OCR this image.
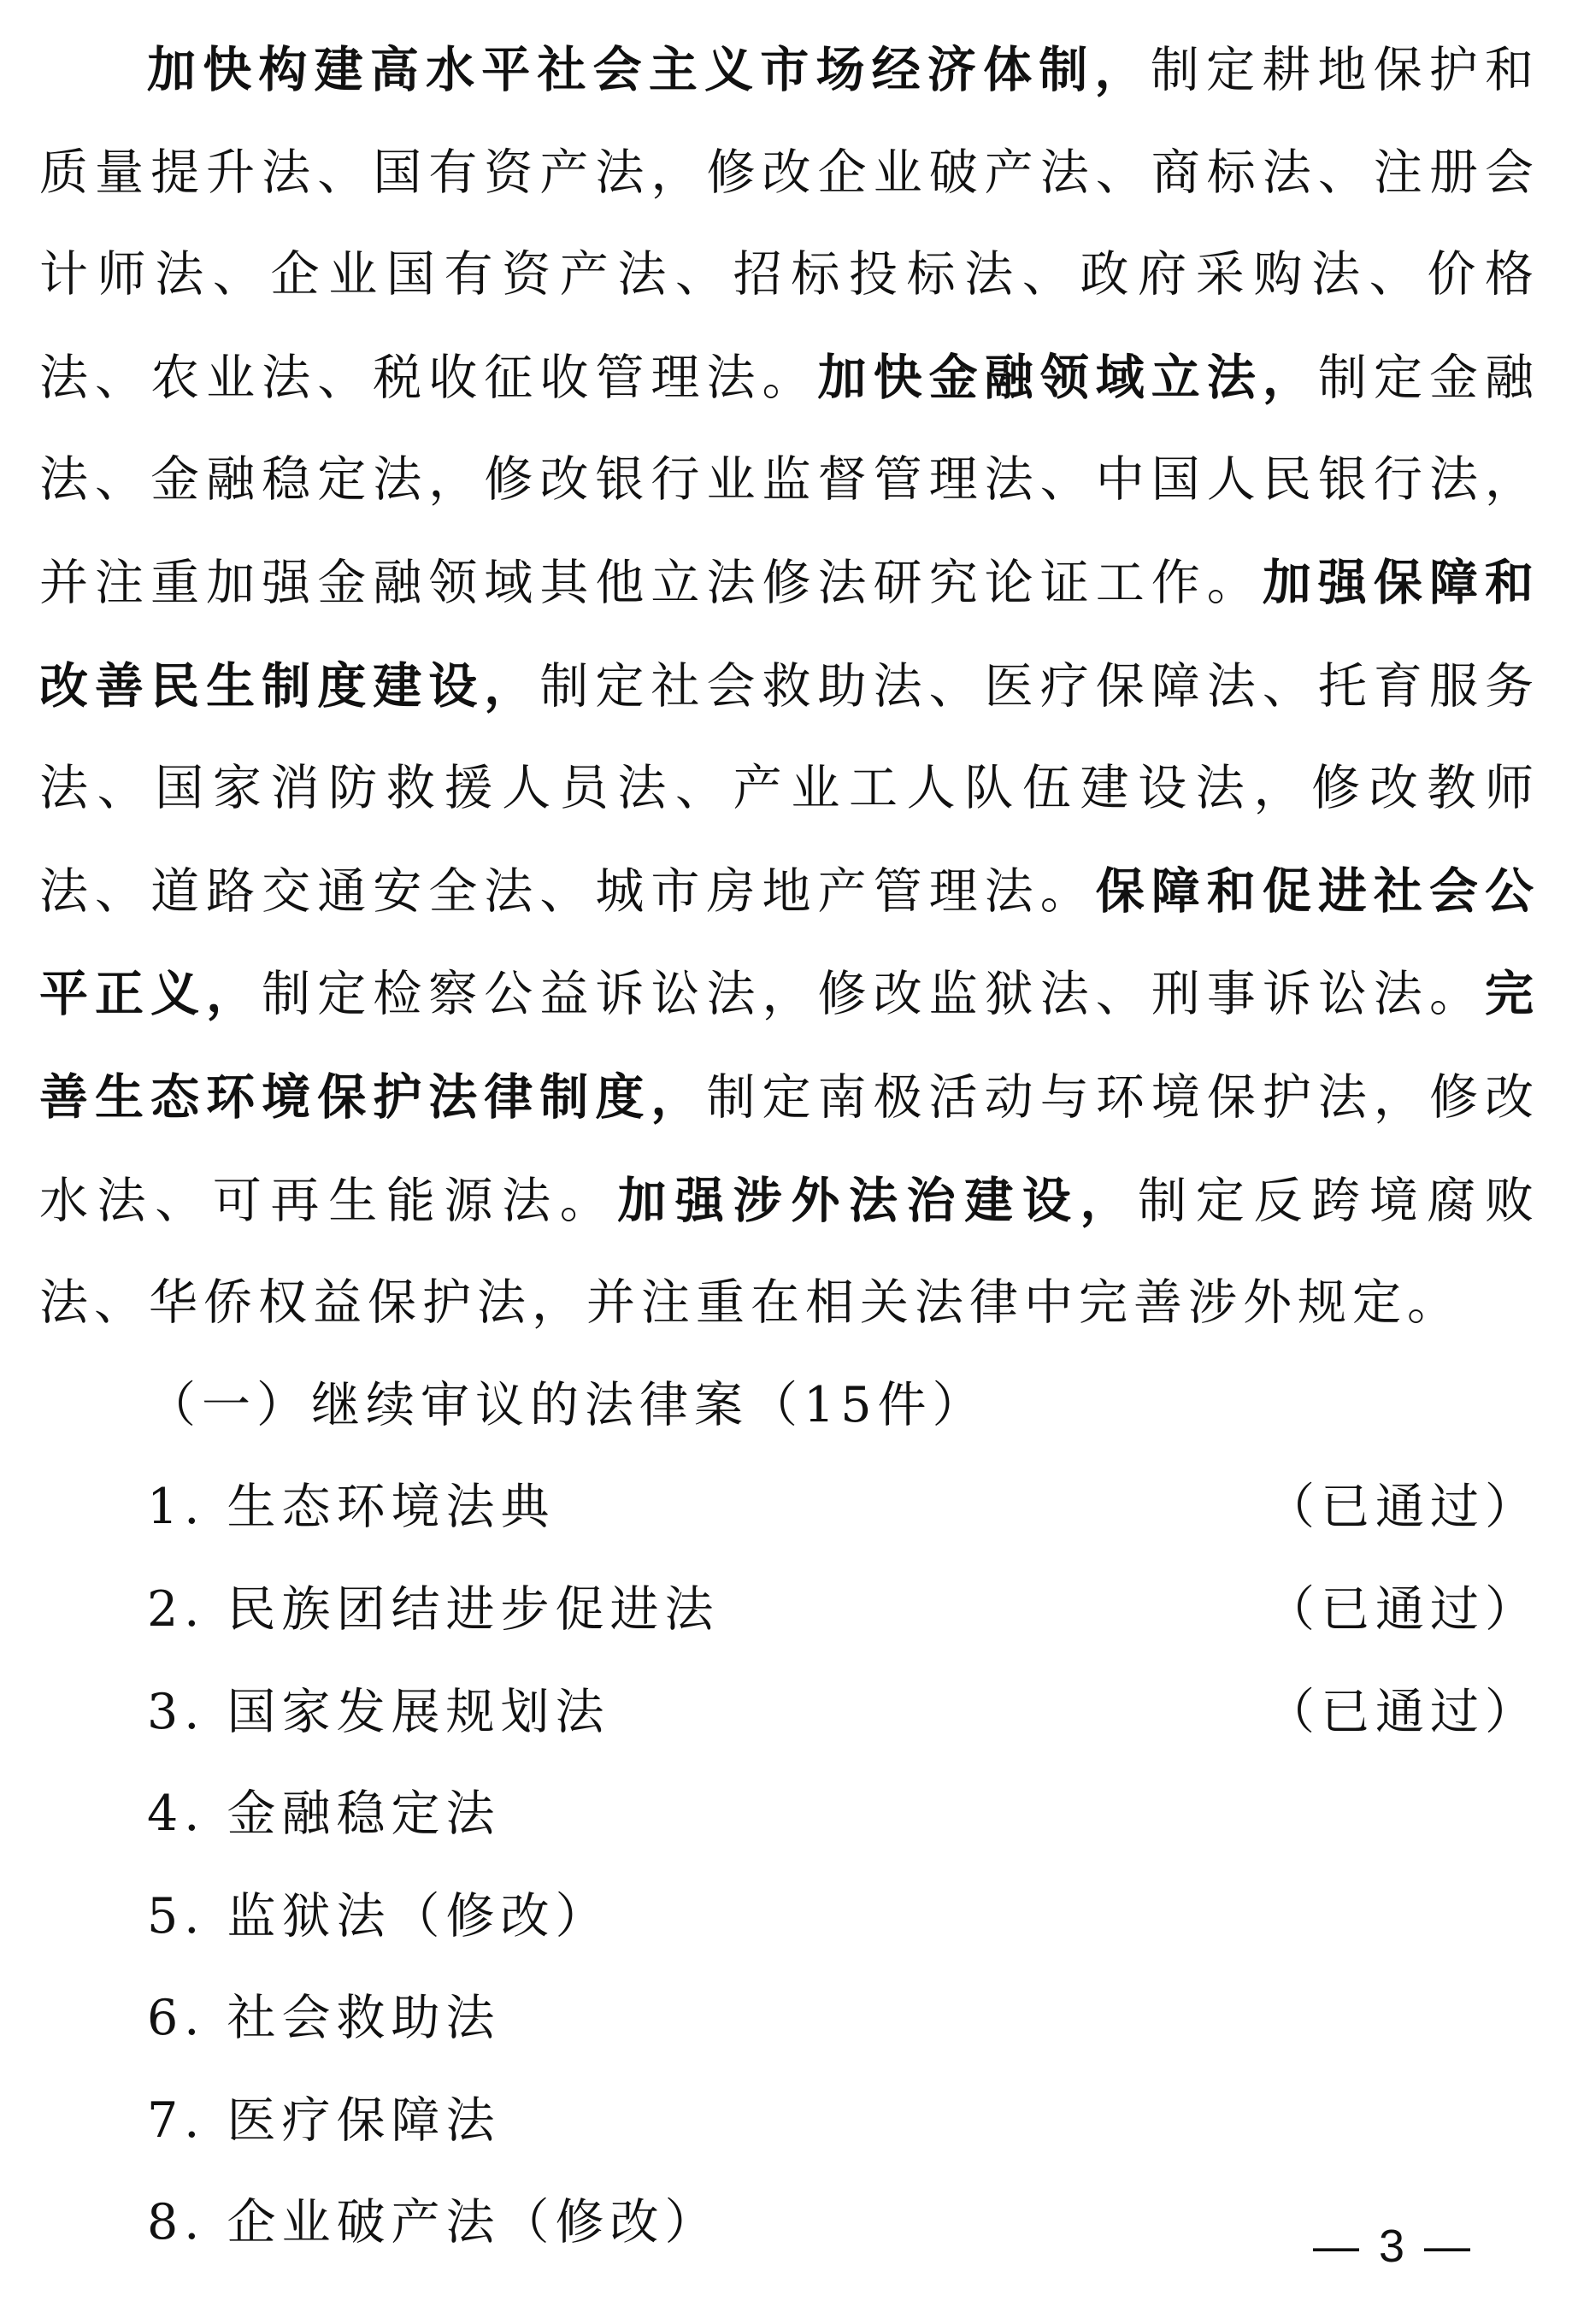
加快构建高水平社会主义市场经济体制，制定耕地保护和质量提升法、国有资产法，修改企业破产法、商标法、注册会计师法、企业国有资产法、招标投标法、政府采购法、价格法、农业法、税收征收管理法。加快金融领域立法，制定金融法、金融稳定法，修改银行业监督管理法、中国人民银行法，并注重加强金融领域其他立法修法研究论证工作。加强保障和改善民生制度建设，制定社会救助法、医疗保障法、托育服务法、国家消防救援人员法、产业工人队伍建设法，修改教师法、道路交通安全法、城市房地产管理法。保障和促进社会公平正义，制定检察公益诉讼法，修改监狱法、刑事诉讼法。完善生态环境保护法律制度，制定南极活动与环境保护法，修改水法、可再生能源法。加强涉外法治建设，制定反跨境腐败法、华侨权益保护法，并注重在相关法律中完善涉外规定。

（一）继续审议的法律案（15件）
1. 生态环境法典	（已通过）
2. 民族团结进步促进法	（已通过）
3. 国家发展规划法	（已通过）
4. 金融稳定法
5. 监狱法（修改）
6. 社会救助法
7. 医疗保障法
8. 企业破产法（修改）	— 3 —
